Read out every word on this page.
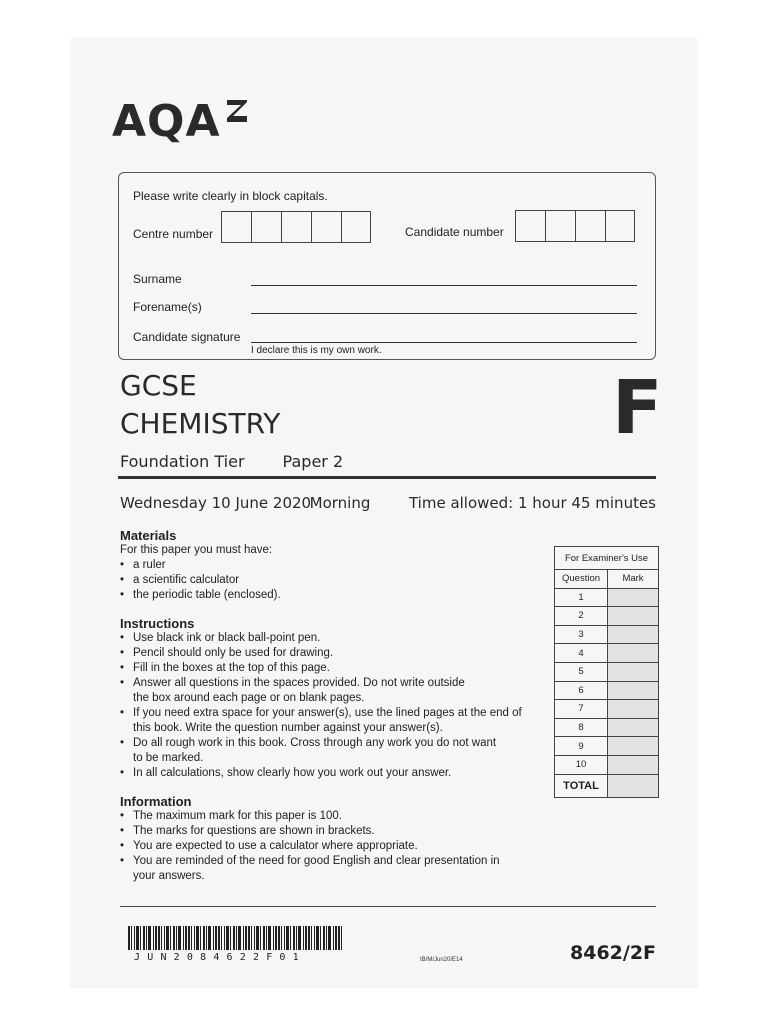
AQA
Please write clearly in block capitals.
Centre number	Candidate number
Surname
Forename(s)
Candidate signature
I declare this is my own work.
GCSE
CHEMISTRY	F
Foundation Tier Paper 2
Wednesday 10 June 2020
Morning	Time allowed: 1 hour 45 minutes
Materials
For this paper you must have:
• a ruler
• a scientific calculator
• the periodic table (enclosed).
Instructions
• Use black ink or black ball-point pen.
• Pencil should only be used for drawing.
• Fill in the boxes at the top of this page.
• Answer all questions in the spaces provided. Do not write outside the box around each page or on blank pages.
• If you need extra space for your answer(s), use the lined pages at the end of this book. Write the question number against your answer(s).
• Do all rough work in this book. Cross through any work you do not want to be marked.
• In all calculations, show clearly how you work out your answer.
Information
• The maximum mark for this paper is 100.
• The marks for questions are shown in brackets.
• You are expected to use a calculator where appropriate.
• You are reminded of the need for good English and clear presentation in your answers.
For Examiner's Use	
Question	Mark
1	
2	
3	
4	
5	
6	
7	
8	
9	
10	
TOTAL	
JUN2084622F01	IB/M/Jun20/E14	8462/2F
